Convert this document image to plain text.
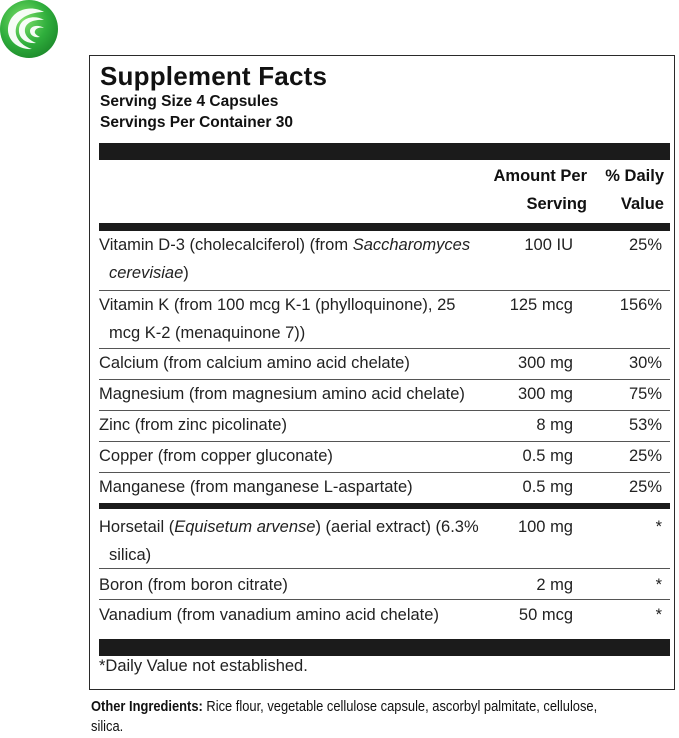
Supplement Facts
Serving Size 4 Capsules
Servings Per Container 30
Amount Per
Serving
% Daily
Value
Vitamin D-3 (cholecalciferol) (from Saccharomyces
cerevisiae)
100 IU	25%
Vitamin K (from 100 mcg K-1 (phylloquinone), 25
mcg K-2 (menaquinone 7))
125 mcg	156%
Calcium (from calcium amino acid chelate)	300 mg	30%
Magnesium (from magnesium amino acid chelate)	300 mg	75%
Zinc (from zinc picolinate)	8 mg	53%
Copper (from copper gluconate)	0.5 mg	25%
Manganese (from manganese L-aspartate)	0.5 mg	25%
Horsetail (Equisetum arvense) (aerial extract) (6.3%
silica)
100 mg	*
Boron (from boron citrate)	2 mg	*
Vanadium (from vanadium amino acid chelate)	50 mcg	*
*Daily Value not established.
Other Ingredients: Rice flour, vegetable cellulose capsule, ascorbyl palmitate, cellulose,
silica.
